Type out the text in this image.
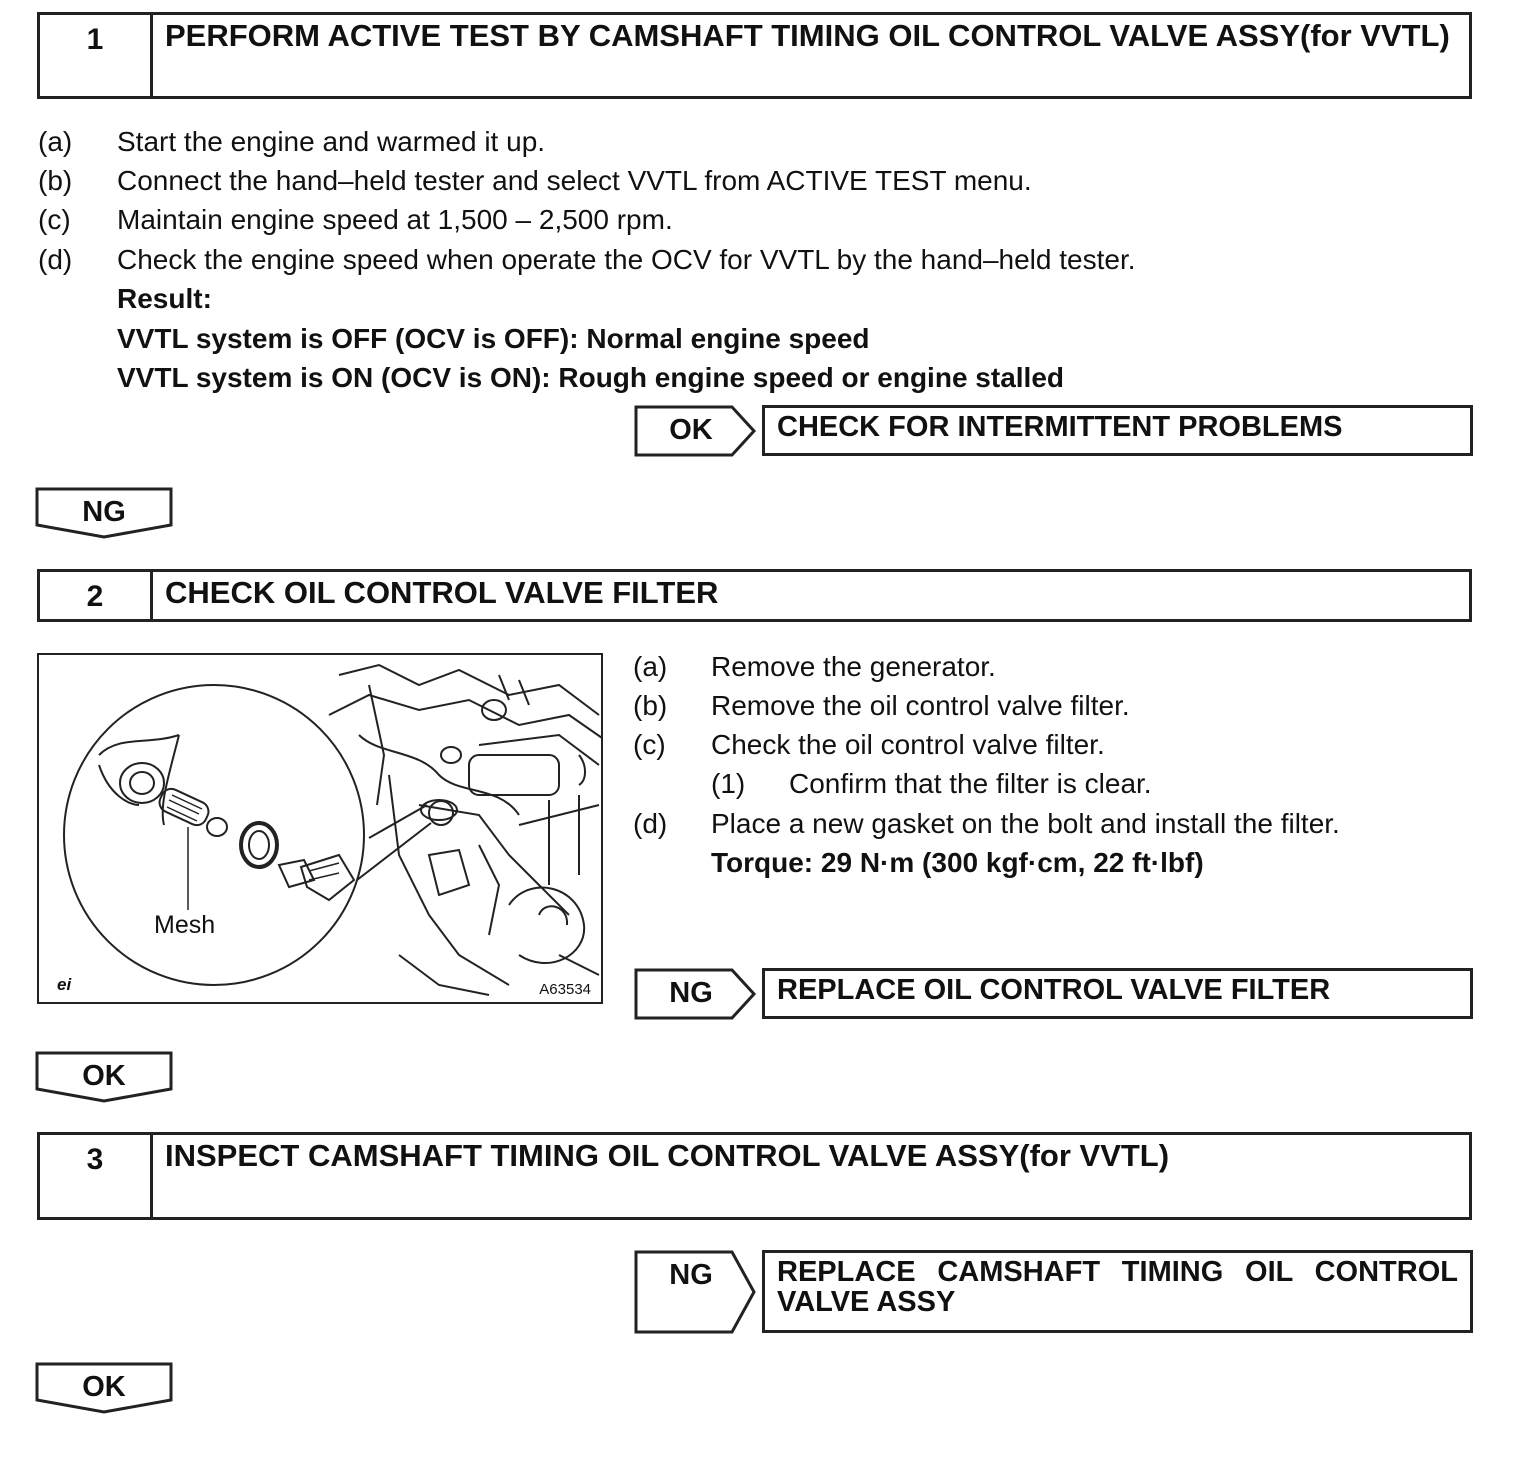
1	PERFORM ACTIVE TEST BY CAMSHAFT TIMING OIL CONTROL VALVE ASSY(for VVTL)
(a) Start the engine and warmed it up.
(b) Connect the hand–held tester and select VVTL from ACTIVE TEST menu.
(c) Maintain engine speed at 1,500 – 2,500 rpm.
(d) Check the engine speed when operate the OCV for VVTL by the hand–held tester.
Result:
VVTL system is OFF (OCV is OFF): Normal engine speed
VVTL system is ON (OCV is ON): Rough engine speed or engine stalled
OK	CHECK FOR INTERMITTENT PROBLEMS
NG
2	CHECK OIL CONTROL VALVE FILTER
Mesh
ei	A63534
(a) Remove the generator.
(b) Remove the oil control valve filter.
(c) Check the oil control valve filter.
(1) Confirm that the filter is clear.
(d) Place a new gasket on the bolt and install the filter.
Torque: 29 N·m (300 kgf·cm, 22 ft·lbf)
NG	REPLACE OIL CONTROL VALVE FILTER
OK
3	INSPECT CAMSHAFT TIMING OIL CONTROL VALVE ASSY(for VVTL)
NG	REPLACE CAMSHAFT TIMING OIL CONTROL VALVE ASSY
OK
